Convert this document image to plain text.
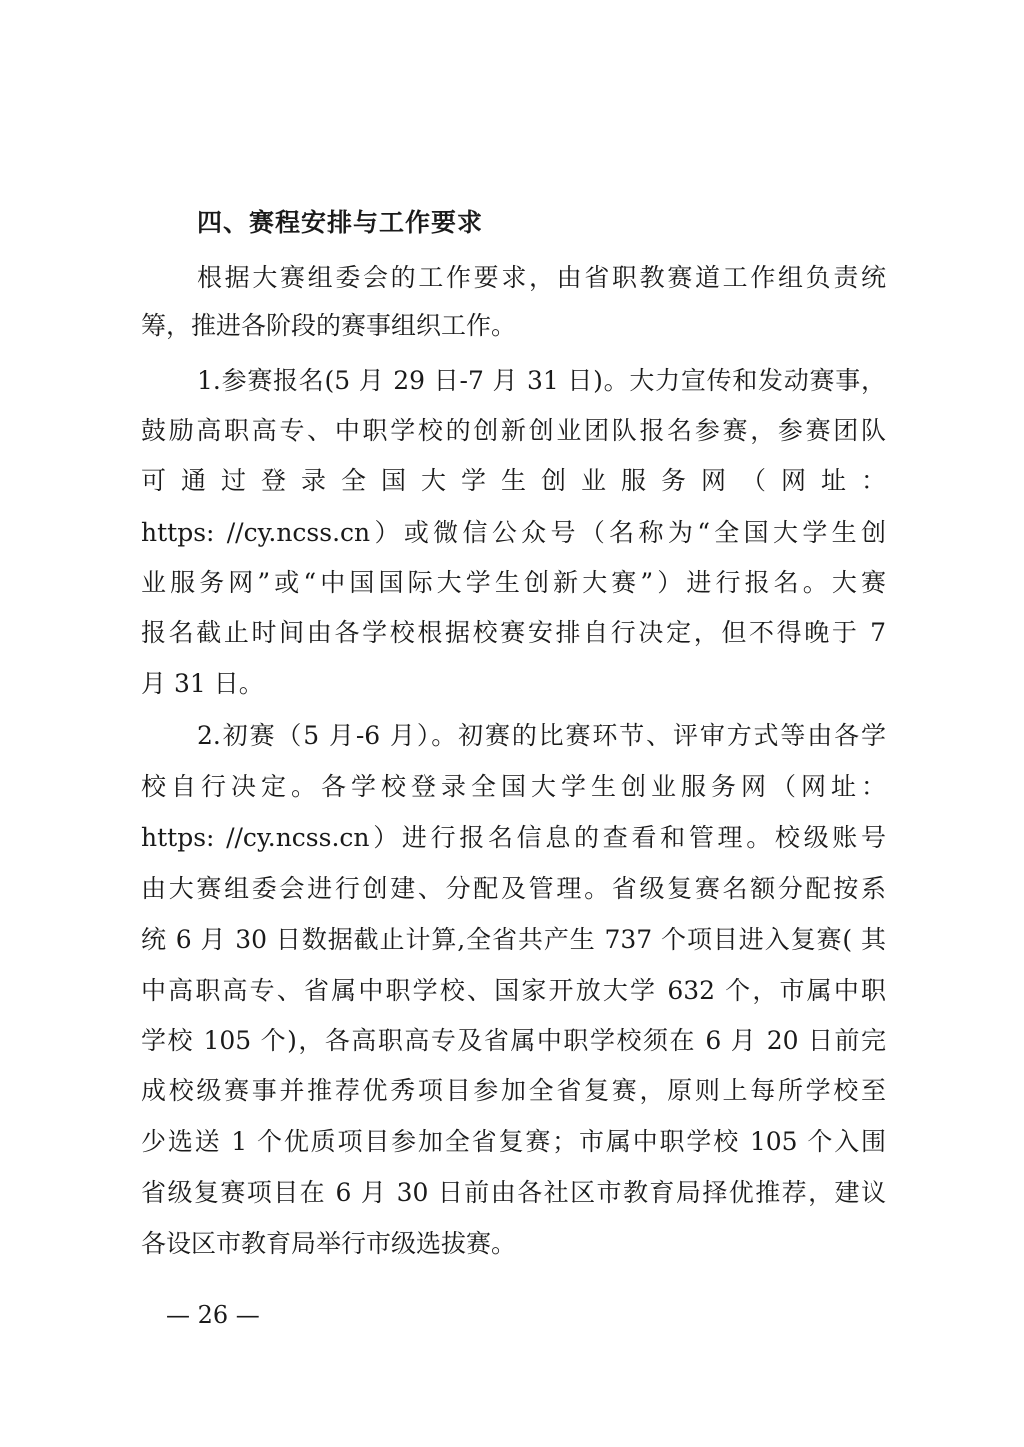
四、赛程安排与工作要求
根据大赛组委会的工作要求，由省职教赛道工作组负责统
筹，推进各阶段的赛事组织工作。
1.参赛报名(5 月 29 日-7 月 31 日)。大力宣传和发动赛事，
鼓励高职高专、中职学校的创新创业团队报名参赛，参赛团队
可 通 过 登 录 全 国 大 学 生 创 业 服 务 网 （ 网 址 ：
https: //cy.ncss.cn）或微信公众号（名称为“全国大学生创
业服务网”或“中国国际大学生创新大赛”）进行报名。大赛
报名截止时间由各学校根据校赛安排自行决定，但不得晚于 7
月 31 日。
2.初赛（5 月-6 月）。初赛的比赛环节、评审方式等由各学
校自行决定。各学校登录全国大学生创业服务网（网址：
https: //cy.ncss.cn）进行报名信息的查看和管理。校级账号
由大赛组委会进行创建、分配及管理。省级复赛名额分配按系
统 6 月 30 日数据截止计算,全省共产生 737 个项目进入复赛( 其
中高职高专、省属中职学校、国家开放大学 632 个，市属中职
学校 105 个)，各高职高专及省属中职学校须在 6 月 20 日前完
成校级赛事并推荐优秀项目参加全省复赛，原则上每所学校至
少选送 1 个优质项目参加全省复赛；市属中职学校 105 个入围
省级复赛项目在 6 月 30 日前由各社区市教育局择优推荐，建议
各设区市教育局举行市级选拔赛。
— 26 —
